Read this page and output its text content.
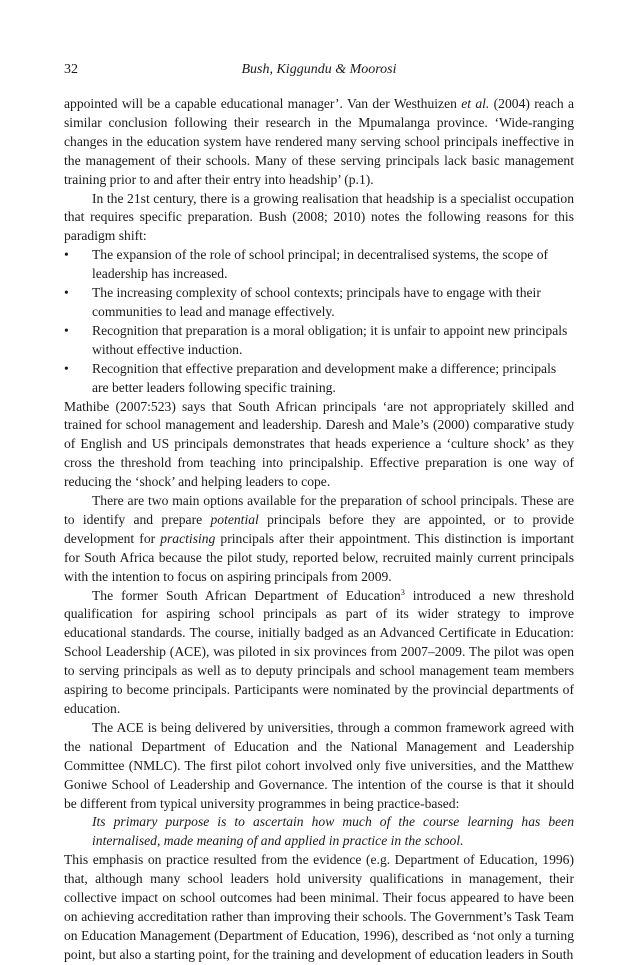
32	Bush, Kiggundu & Moorosi

appointed will be a capable educational manager’. Van der Westhuizen et al. (2004) reach a similar conclusion following their research in the Mpumalanga province. ‘Wide-ranging changes in the education system have rendered many serving school principals ineffective in the management of their schools. Many of these serving principals lack basic management training prior to and after their entry into headship’ (p.1).

In the 21st century, there is a growing realisation that headship is a specialist occupation that requires specific preparation. Bush (2008; 2010) notes the following reasons for this paradigm shift:

• The expansion of the role of school principal; in decentralised systems, the scope of leadership has increased.
• The increasing complexity of school contexts; principals have to engage with their communities to lead and manage effectively.
• Recognition that preparation is a moral obligation; it is unfair to appoint new principals without effective induction.
• Recognition that effective preparation and development make a difference; principals are better leaders following specific training.

Mathibe (2007:523) says that South African principals ‘are not appropriately skilled and trained for school management and leadership. Daresh and Male’s (2000) comparative study of English and US principals demonstrates that heads experience a ‘culture shock’ as they cross the threshold from teaching into principalship. Effective preparation is one way of reducing the ‘shock’ and helping leaders to cope.

There are two main options available for the preparation of school principals. These are to identify and prepare potential principals before they are appointed, or to provide development for practising principals after their appointment. This distinction is important for South Africa because the pilot study, reported below, recruited mainly current principals with the intention to focus on aspiring principals from 2009.

The former South African Department of Education$^3$ introduced a new threshold qualification for aspiring school principals as part of its wider strategy to improve educational standards. The course, initially badged as an Advanced Certificate in Education: School Leadership (ACE), was piloted in six provinces from 2007–2009. The pilot was open to serving principals as well as to deputy principals and school management team members aspiring to become principals. Participants were nominated by the provincial departments of education.

The ACE is being delivered by universities, through a common framework agreed with the national Department of Education and the National Management and Leadership Committee (NMLC). The first pilot cohort involved only five universities, and the Matthew Goniwe School of Leadership and Governance. The intention of the course is that it should be different from typical university programmes in being practice-based:

Its primary purpose is to ascertain how much of the course learning has been internalised, made meaning of and applied in practice in the school.

This emphasis on practice resulted from the evidence (e.g. Department of Education, 1996) that, although many school leaders hold university qualifications in management, their collective impact on school outcomes had been minimal. Their focus appeared to have been on achieving accreditation rather than improving their schools. The Government’s Task Team on Education Management (Department of Education, 1996), described as ‘not only a turning point, but also a starting point, for the training and development of education leaders in South
